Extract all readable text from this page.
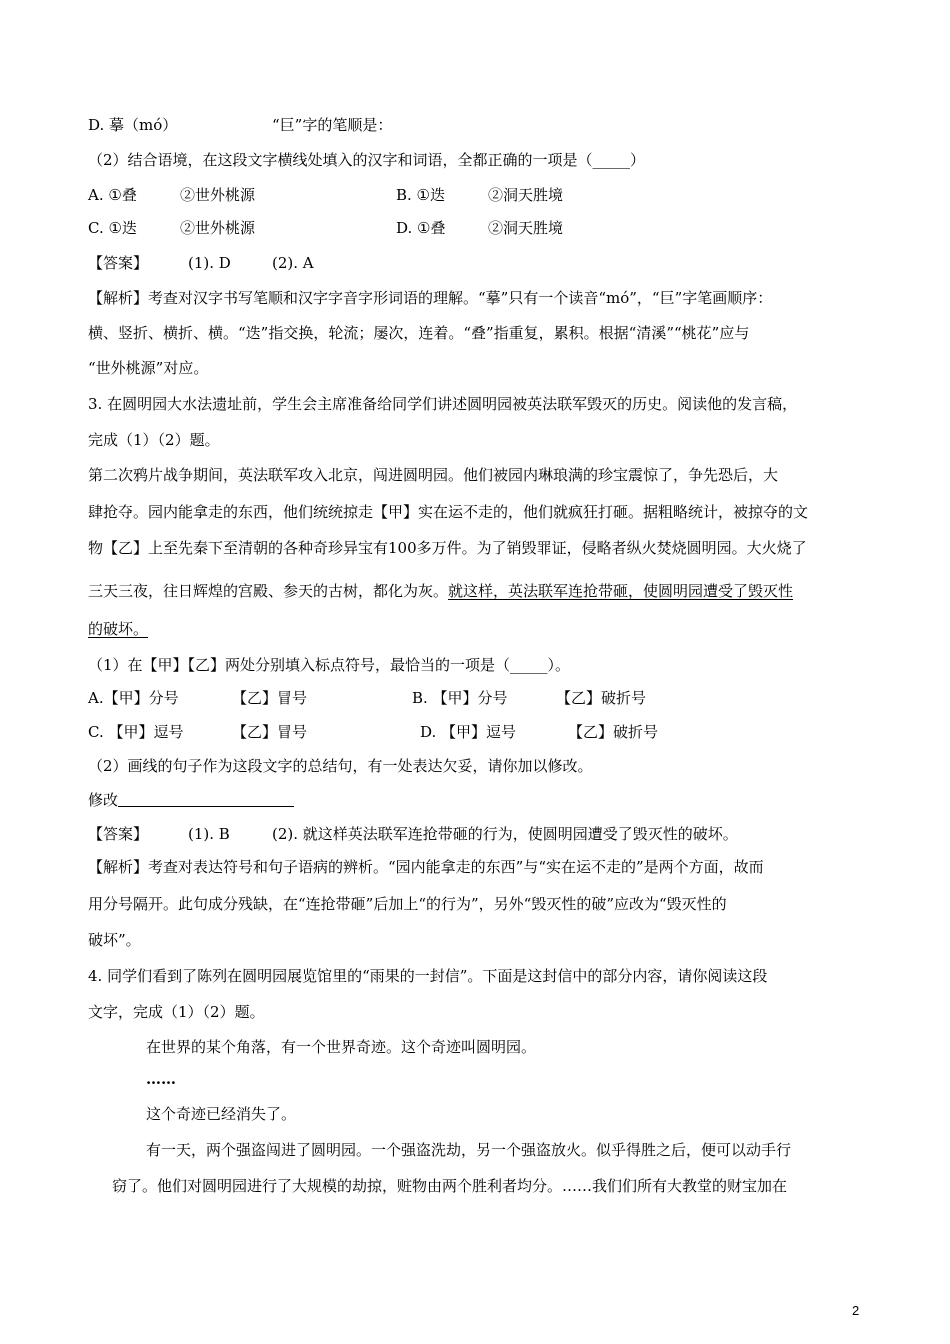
D. 摹（mó）	“巨”字的笔顺是：
（2）结合语境，在这段文字横线处填入的汉字和词语，全都正确的一项是（_____）
A. ①叠	②世外桃源	B. ①迭	②洞天胜境
C. ①迭	②世外桃源	D. ①叠	②洞天胜境
【答案】	(1). D	(2). A
【解析】考查对汉字书写笔顺和汉字字音字形词语的理解。“摹”只有一个读音“mó”，“巨”字笔画顺序：
横、竖折、横折、横。“迭”指交换，轮流；屡次，连着。“叠”指重复，累积。根据“清溪”“桃花”应与
“世外桃源”对应。
3. 在圆明园大水法遗址前，学生会主席准备给同学们讲述圆明园被英法联军毁灭的历史。阅读他的发言稿，
完成（1）（2）题。
第二次鸦片战争期间，英法联军攻入北京，闯进圆明园。他们被园内琳琅满的珍宝震惊了，争先恐后，大
肆抢夺。园内能拿走的东西，他们统统掠走【甲】实在运不走的，他们就疯狂打砸。据粗略统计，被掠夺的文
物【乙】上至先秦下至清朝的各种奇珍异宝有100多万件。为了销毁罪证，侵略者纵火焚烧圆明园。大火烧了
三天三夜，往日辉煌的宫殿、参天的古树，都化为灰。就这样，英法联军连抢带砸，使圆明园遭受了毁灭性
的破坏。
（1）在【甲】【乙】两处分别填入标点符号，最恰当的一项是（_____）。
A.【甲】分号	【乙】冒号	B. 【甲】分号	【乙】破折号
C. 【甲】逗号	【乙】冒号	D. 【甲】逗号	【乙】破折号
（2）画线的句子作为这段文字的总结句，有一处表达欠妥，请你加以修改。
修改
【答案】	(1). B	(2). 就这样英法联军连抢带砸的行为，使圆明园遭受了毁灭性的破坏。
【解析】考查对表达符号和句子语病的辨析。“园内能拿走的东西”与“实在运不走的”是两个方面，故而
用分号隔开。此句成分残缺，在“连抢带砸”后加上“的行为”，另外“毁灭性的破”应改为“毁灭性的
破坏”。
4. 同学们看到了陈列在圆明园展览馆里的“雨果的一封信”。下面是这封信中的部分内容，请你阅读这段
文字，完成（1）（2）题。
在世界的某个角落，有一个世界奇迹。这个奇迹叫圆明园。
……
这个奇迹已经消失了。
有一天，两个强盗闯进了圆明园。一个强盗洗劫，另一个强盗放火。似乎得胜之后，便可以动手行
窃了。他们对圆明园进行了大规模的劫掠，赃物由两个胜利者均分。……我们们所有大教堂的财宝加在
2
